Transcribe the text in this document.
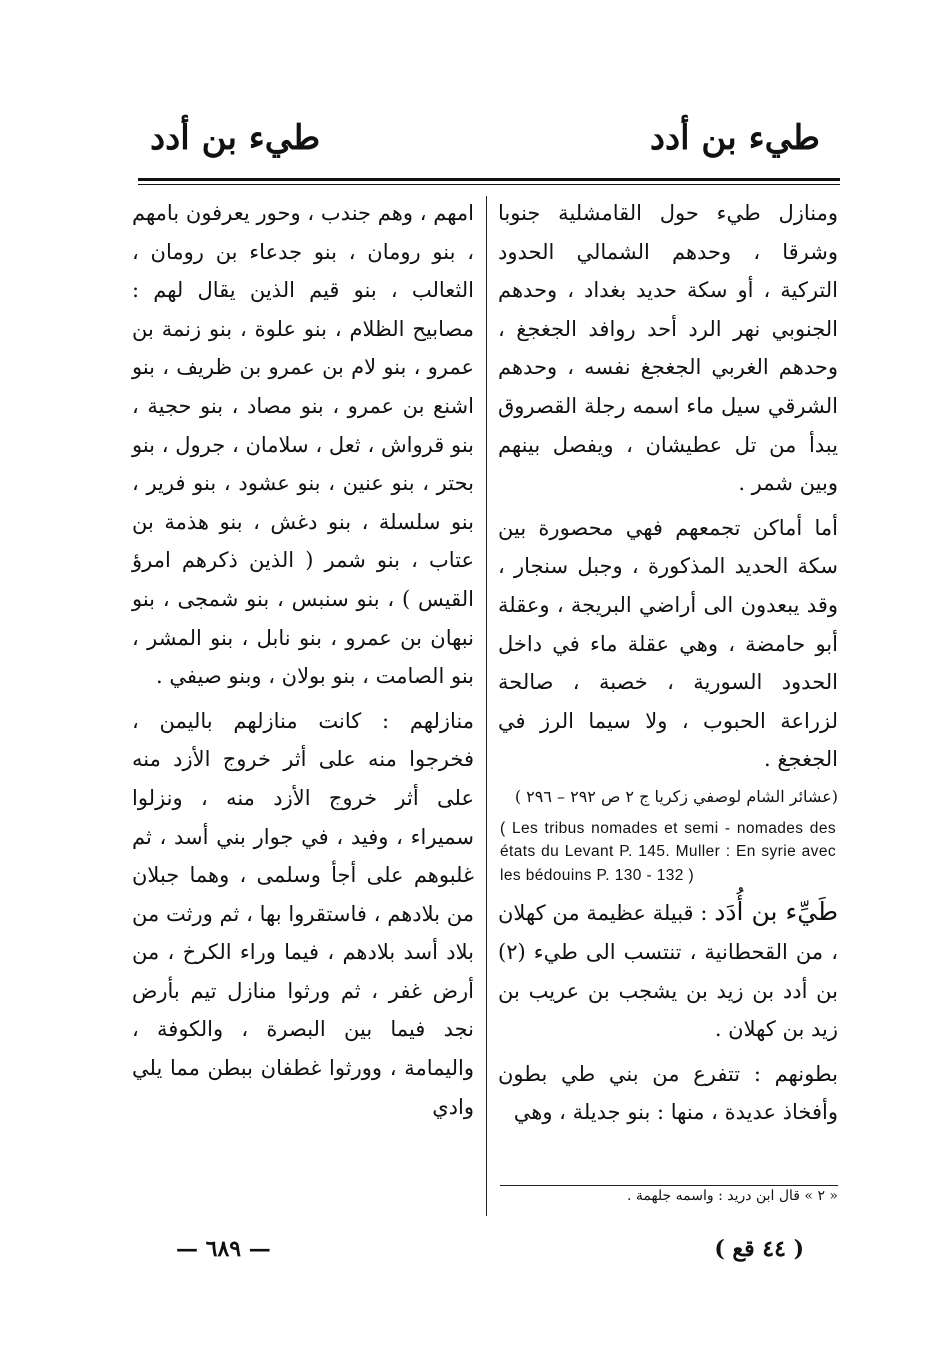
طيء بن أدد
طيء بن أدد

ومنازل طيء حول القامشلية جنوبا وشرقا ، وحدهم الشمالي الحدود التركية ، أو سكة حديد بغداد ، وحدهم الجنوبي نهر الرد أحد روافد الجغجغ ، وحدهم الغربي الجغجغ نفسه ، وحدهم الشرقي سيل ماء اسمه رجلة القصروق يبدأ من تل عطيشان ، ويفصل بينهم وبين شمر .

أما أماكن تجمعهم فهي محصورة بين سكة الحديد المذكورة ، وجبل سنجار ، وقد يبعدون الى أراضي البريجة ، وعقلة أبو حامضة ، وهي عقلة ماء في داخل الحدود السورية ، خصبة ، صالحة لزراعة الحبوب ، ولا سيما الرز في الجغجغ .

(عشائر الشام لوصفي زكريا ج ٢ ص ٢٩٢ – ٢٩٦ )

( Les tribus nomades et semi - nomades des états du Levant P. 145. Muller : En syrie avec les bédouins P. 130 - 132 )

طَيِّء بن أُدَد : قبيلة عظيمة من كهلان ، من القحطانية ، تنتسب الى طيء (٢) بن أدد بن زيد بن يشجب بن عريب بن زيد بن كهلان .

بطونهم : تتفرع من بني طي بطون وأفخاذ عديدة ، منها : بنو جديلة ، وهي

امهم ، وهم جندب ، وحور يعرفون بامهم ، بنو رومان ، بنو جدعاء بن رومان ، الثعالب ، بنو قيم الذين يقال لهم : مصابيح الظلام ، بنو علوة ، بنو زنمة بن عمرو ، بنو لام بن عمرو بن ظريف ، بنو اشنع بن عمرو ، بنو مصاد ، بنو حجية ، بنو قرواش ، ثعل ، سلامان ، جرول ، بنو بحتر ، بنو عنين ، بنو عشود ، بنو فرير ، بنو سلسلة ، بنو دغش ، بنو هذمة بن عتاب ، بنو شمر ( الذين ذكرهم امرؤ القيس ) ، بنو سنبس ، بنو شمجى ، بنو نبهان بن عمرو ، بنو نابل ، بنو المشر ، بنو الصامت ، بنو بولان ، وبنو صيفي .

منازلهم : كانت منازلهم باليمن ، فخرجوا منه على أثر خروج الأزد منه على أثر خروج الأزد منه ، ونزلوا سميراء ، وفيد ، في جوار بني أسد ، ثم غلبوهم على أجأ وسلمى ، وهما جبلان من بلادهم ، فاستقروا بها ، ثم ورثت من بلاد أسد بلادهم ، فيما وراء الكرخ ، من أرض غفر ، ثم ورثوا منازل تيم بأرض نجد فيما بين البصرة ، والكوفة ، واليمامة ، وورثوا غطفان ببطن مما يلي وادي

« ٢ » قال ابن دريد : واسمه جلهمة .
( ٤٤ قع )
— ٦٨٩ —
